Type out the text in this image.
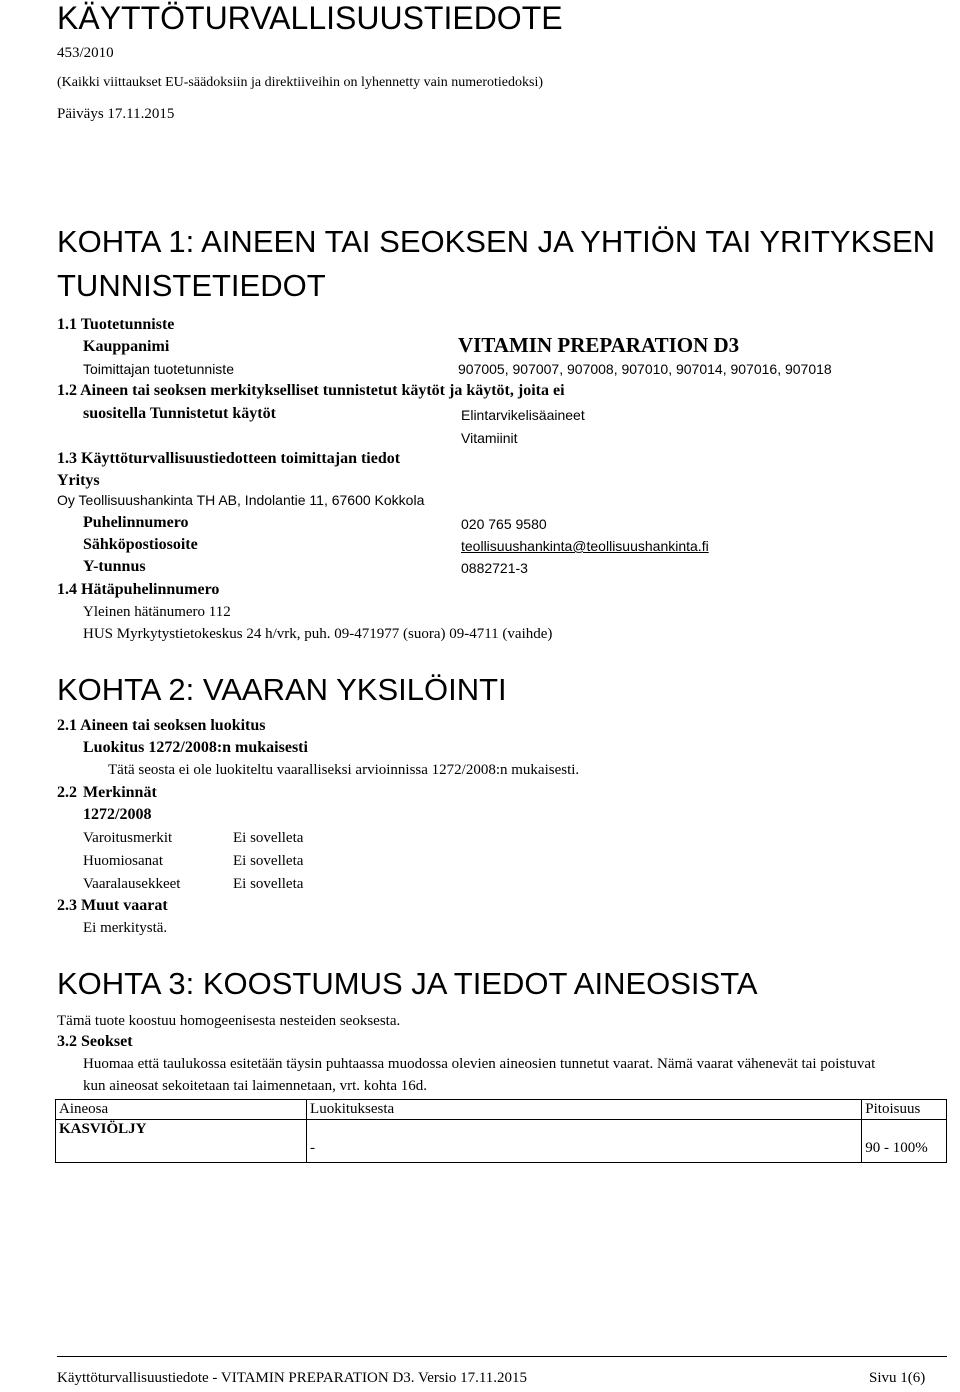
KÄYTTÖTURVALLISUUSTIEDOTE
453/2010
(Kaikki viittaukset EU-säädoksiin ja direktiiveihin on lyhennetty vain numerotiedoksi)
Päiväys 17.11.2015
KOHTA 1: AINEEN TAI SEOKSEN JA YHTIÖN TAI YRITYKSEN
TUNNISTETIEDOT
1.1 Tuotetunniste
Kauppanimi	VITAMIN PREPARATION D3
Toimittajan tuotetunniste	907005, 907007, 907008, 907010, 907014, 907016, 907018
1.2 Aineen tai seoksen merkitykselliset tunnistetut käytöt ja käytöt, joita ei
suositella Tunnistetut käytöt	Elintarvikelisäaineet
Vitamiinit
1.3 Käyttöturvallisuustiedotteen toimittajan tiedot
Yritys
Oy Teollisuushankinta TH AB, Indolantie 11, 67600 Kokkola
Puhelinnumero	020 765 9580
Sähköpostiosoite	teollisuushankinta@teollisuushankinta.fi
Y-tunnus	0882721-3
1.4 Hätäpuhelinnumero
Yleinen hätänumero 112
HUS Myrkytystietokeskus 24 h/vrk, puh. 09-471977 (suora) 09-4711 (vaihde)
KOHTA 2: VAARAN YKSILÖINTI
2.1 Aineen tai seoksen luokitus
Luokitus 1272/2008:n mukaisesti
Tätä seosta ei ole luokiteltu vaaralliseksi arvioinnissa 1272/2008:n mukaisesti.
2.2 Merkinnät
1272/2008
Varoitusmerkit	Ei sovelleta
Huomiosanat	Ei sovelleta
Vaaralausekkeet	Ei sovelleta
2.3 Muut vaarat
Ei merkitystä.
KOHTA 3: KOOSTUMUS JA TIEDOT AINEOSISTA
Tämä tuote koostuu homogeenisesta nesteiden seoksesta.
3.2 Seokset
Huomaa että taulukossa esitetään täysin puhtaassa muodossa olevien aineosien tunnetut vaarat. Nämä vaarat vähenevät tai poistuvat
kun aineosat sekoitetaan tai laimennetaan, vrt. kohta 16d.
Aineosa	Luokituksesta	Pitoisuus
KASVIÖLJY	-	90 - 100%
Käyttöturvallisuustiedote - VITAMIN PREPARATION D3. Versio 17.11.2015	Sivu 1(6)
